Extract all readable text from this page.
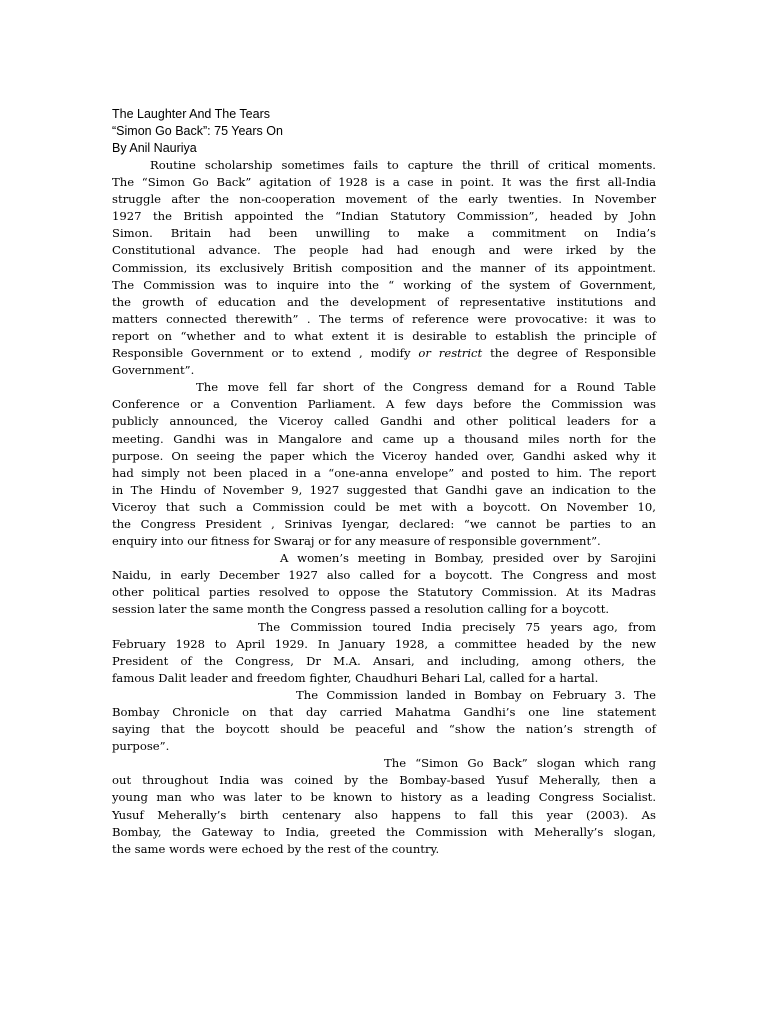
The Laughter And The Tears

“Simon Go Back”: 75 Years On

By Anil Nauriya

Routine scholarship sometimes fails to capture the thrill of critical moments.
The “Simon Go Back” agitation of 1928 is a case in point. It was the first all-India
struggle after the non-cooperation movement of the early twenties. In November
1927 the British appointed the “Indian Statutory Commission”, headed by John
Simon. Britain had been unwilling to make a commitment on India’s
Constitutional advance. The people had had enough and were irked by the
Commission, its exclusively British composition and the manner of its appointment.
The Commission was to inquire into the “ working of the system of Government,
the growth of education and the development of representative institutions and
matters connected therewith” . The terms of reference were provocative: it was to
report on “whether and to what extent it is desirable to establish the principle of
Responsible Government or to extend , modify or restrict the degree of Responsible
Government”.
The move fell far short of the Congress demand for a Round Table
Conference or a Convention Parliament. A few days before the Commission was
publicly announced, the Viceroy called Gandhi and other political leaders for a
meeting. Gandhi was in Mangalore and came up a thousand miles north for the
purpose. On seeing the paper which the Viceroy handed over, Gandhi asked why it
had simply not been placed in a “one-anna envelope” and posted to him. The report
in The Hindu of November 9, 1927 suggested that Gandhi gave an indication to the
Viceroy that such a Commission could be met with a boycott. On November 10,
the Congress President , Srinivas Iyengar, declared: “we cannot be parties to an
enquiry into our fitness for Swaraj or for any measure of responsible government”.
A women’s meeting in Bombay, presided over by Sarojini
Naidu, in early December 1927 also called for a boycott. The Congress and most
other political parties resolved to oppose the Statutory Commission. At its Madras
session later the same month the Congress passed a resolution calling for a boycott.
The Commission toured India precisely 75 years ago, from
February 1928 to April 1929. In January 1928, a committee headed by the new
President of the Congress, Dr M.A. Ansari, and including, among others, the
famous Dalit leader and freedom fighter, Chaudhuri Behari Lal, called for a hartal.
The Commission landed in Bombay on February 3. The
Bombay Chronicle on that day carried Mahatma Gandhi’s one line statement
saying that the boycott should be peaceful and “show the nation’s strength of
purpose”.
The “Simon Go Back” slogan which rang
out throughout India was coined by the Bombay-based Yusuf Meherally, then a
young man who was later to be known to history as a leading Congress Socialist.
Yusuf Meherally’s birth centenary also happens to fall this year (2003). As
Bombay, the Gateway to India, greeted the Commission with Meherally’s slogan,
the same words were echoed by the rest of the country.
